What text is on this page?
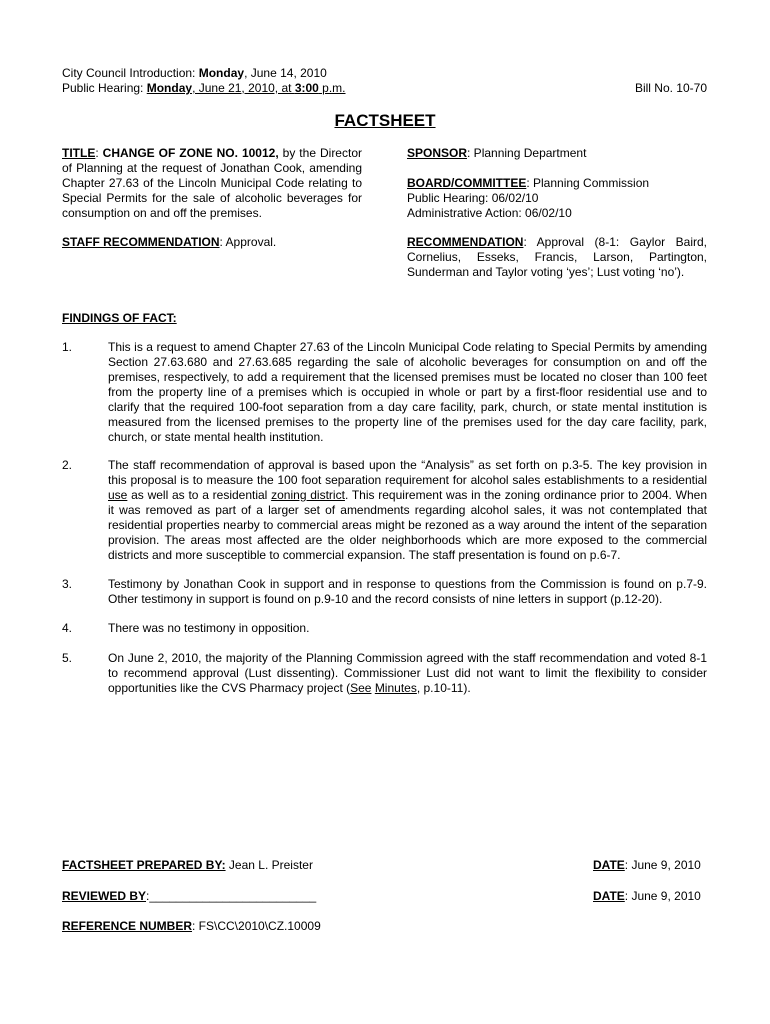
City Council Introduction: Monday, June 14, 2010
Public Hearing: Monday, June 21, 2010, at 3:00 p.m.	Bill No. 10-70
FACTSHEET
TITLE: CHANGE OF ZONE NO. 10012, by the Director of Planning at the request of Jonathan Cook, amending Chapter 27.63 of the Lincoln Municipal Code relating to Special Permits for the sale of alcoholic beverages for consumption on and off the premises.
STAFF RECOMMENDATION: Approval.
SPONSOR: Planning Department
BOARD/COMMITTEE: Planning Commission
Public Hearing: 06/02/10
Administrative Action: 06/02/10
RECOMMENDATION: Approval (8-1: Gaylor Baird, Cornelius, Esseks, Francis, Larson, Partington, Sunderman and Taylor voting ‘yes’; Lust voting ‘no’).
FINDINGS OF FACT:
1.	This is a request to amend Chapter 27.63 of the Lincoln Municipal Code relating to Special Permits by amending Section 27.63.680 and 27.63.685 regarding the sale of alcoholic beverages for consumption on and off the premises, respectively, to add a requirement that the licensed premises must be located no closer than 100 feet from the property line of a premises which is occupied in whole or part by a first-floor residential use and to clarify that the required 100-foot separation from a day care facility, park, church, or state mental institution is measured from the licensed premises to the property line of the premises used for the day care facility, park, church, or state mental health institution.
2.	The staff recommendation of approval is based upon the “Analysis” as set forth on p.3-5. The key provision in this proposal is to measure the 100 foot separation requirement for alcohol sales establishments to a residential use as well as to a residential zoning district. This requirement was in the zoning ordinance prior to 2004. When it was removed as part of a larger set of amendments regarding alcohol sales, it was not contemplated that residential properties nearby to commercial areas might be rezoned as a way around the intent of the separation provision. The areas most affected are the older neighborhoods which are more exposed to the commercial districts and more susceptible to commercial expansion. The staff presentation is found on p.6-7.
3.	Testimony by Jonathan Cook in support and in response to questions from the Commission is found on p.7-9. Other testimony in support is found on p.9-10 and the record consists of nine letters in support (p.12-20).
4.	There was no testimony in opposition.
5.	On June 2, 2010, the majority of the Planning Commission agreed with the staff recommendation and voted 8-1 to recommend approval (Lust dissenting). Commissioner Lust did not want to limit the flexibility to consider opportunities like the CVS Pharmacy project (See Minutes, p.10-11).
FACTSHEET PREPARED BY: Jean L. Preister	DATE: June 9, 2010
REVIEWED BY:_________________________	DATE: June 9, 2010
REFERENCE NUMBER: FS\CC\2010\CZ.10009
